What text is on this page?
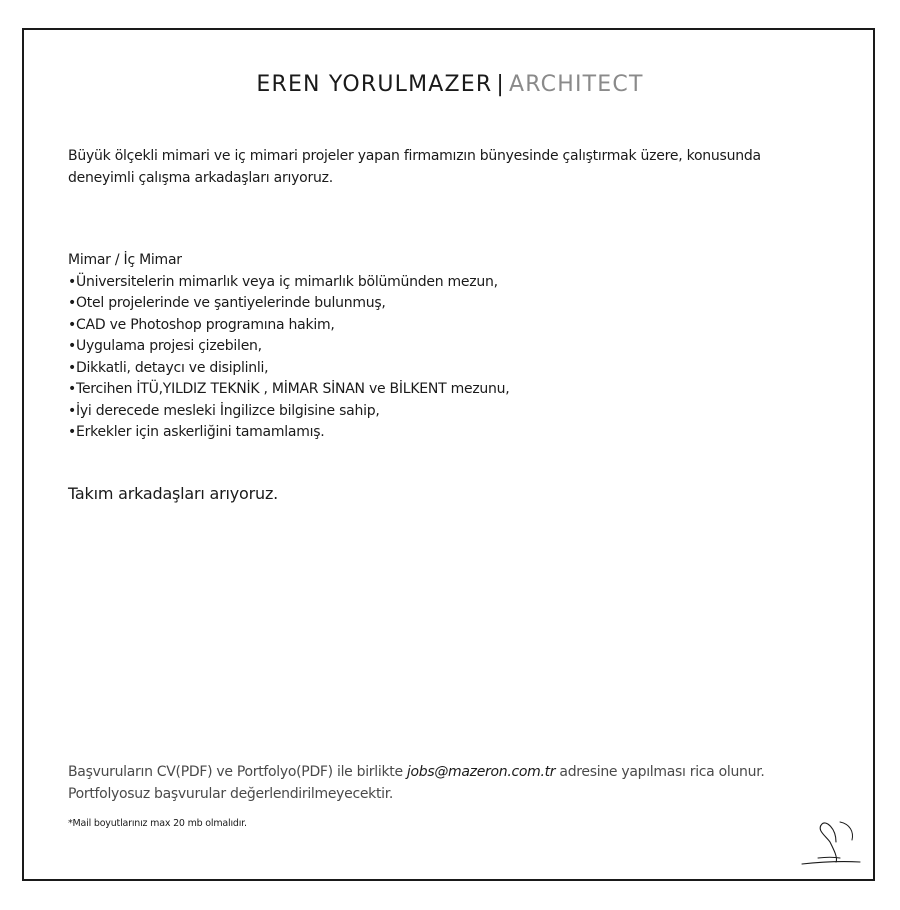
EREN YORULMAZER | ARCHITECT
Büyük ölçekli mimari ve iç mimari projeler yapan firmamızın bünyesinde çalıştırmak üzere, konusunda
deneyimli çalışma arkadaşları arıyoruz.
Mimar / İç Mimar
• Üniversitelerin mimarlık veya iç mimarlık bölümünden mezun,
• Otel projelerinde ve şantiyelerinde bulunmuş,
• CAD ve Photoshop programına hakim,
• Uygulama projesi çizebilen,
• Dikkatli, detaycı ve disiplinli,
• Tercihen İTÜ,YILDIZ TEKNİK , MİMAR SİNAN ve BİLKENT mezunu,
• İyi derecede mesleki İngilizce bilgisine sahip,
• Erkekler için askerliğini tamamlamış.
Takım arkadaşları arıyoruz.
Başvuruların CV(PDF) ve Portfolyo(PDF) ile birlikte jobs@mazeron.com.tr adresine yapılması rica olunur.
Portfolyosuz başvurular değerlendirilmeyecektir.
*Mail boyutlarınız max 20 mb olmalıdır.
